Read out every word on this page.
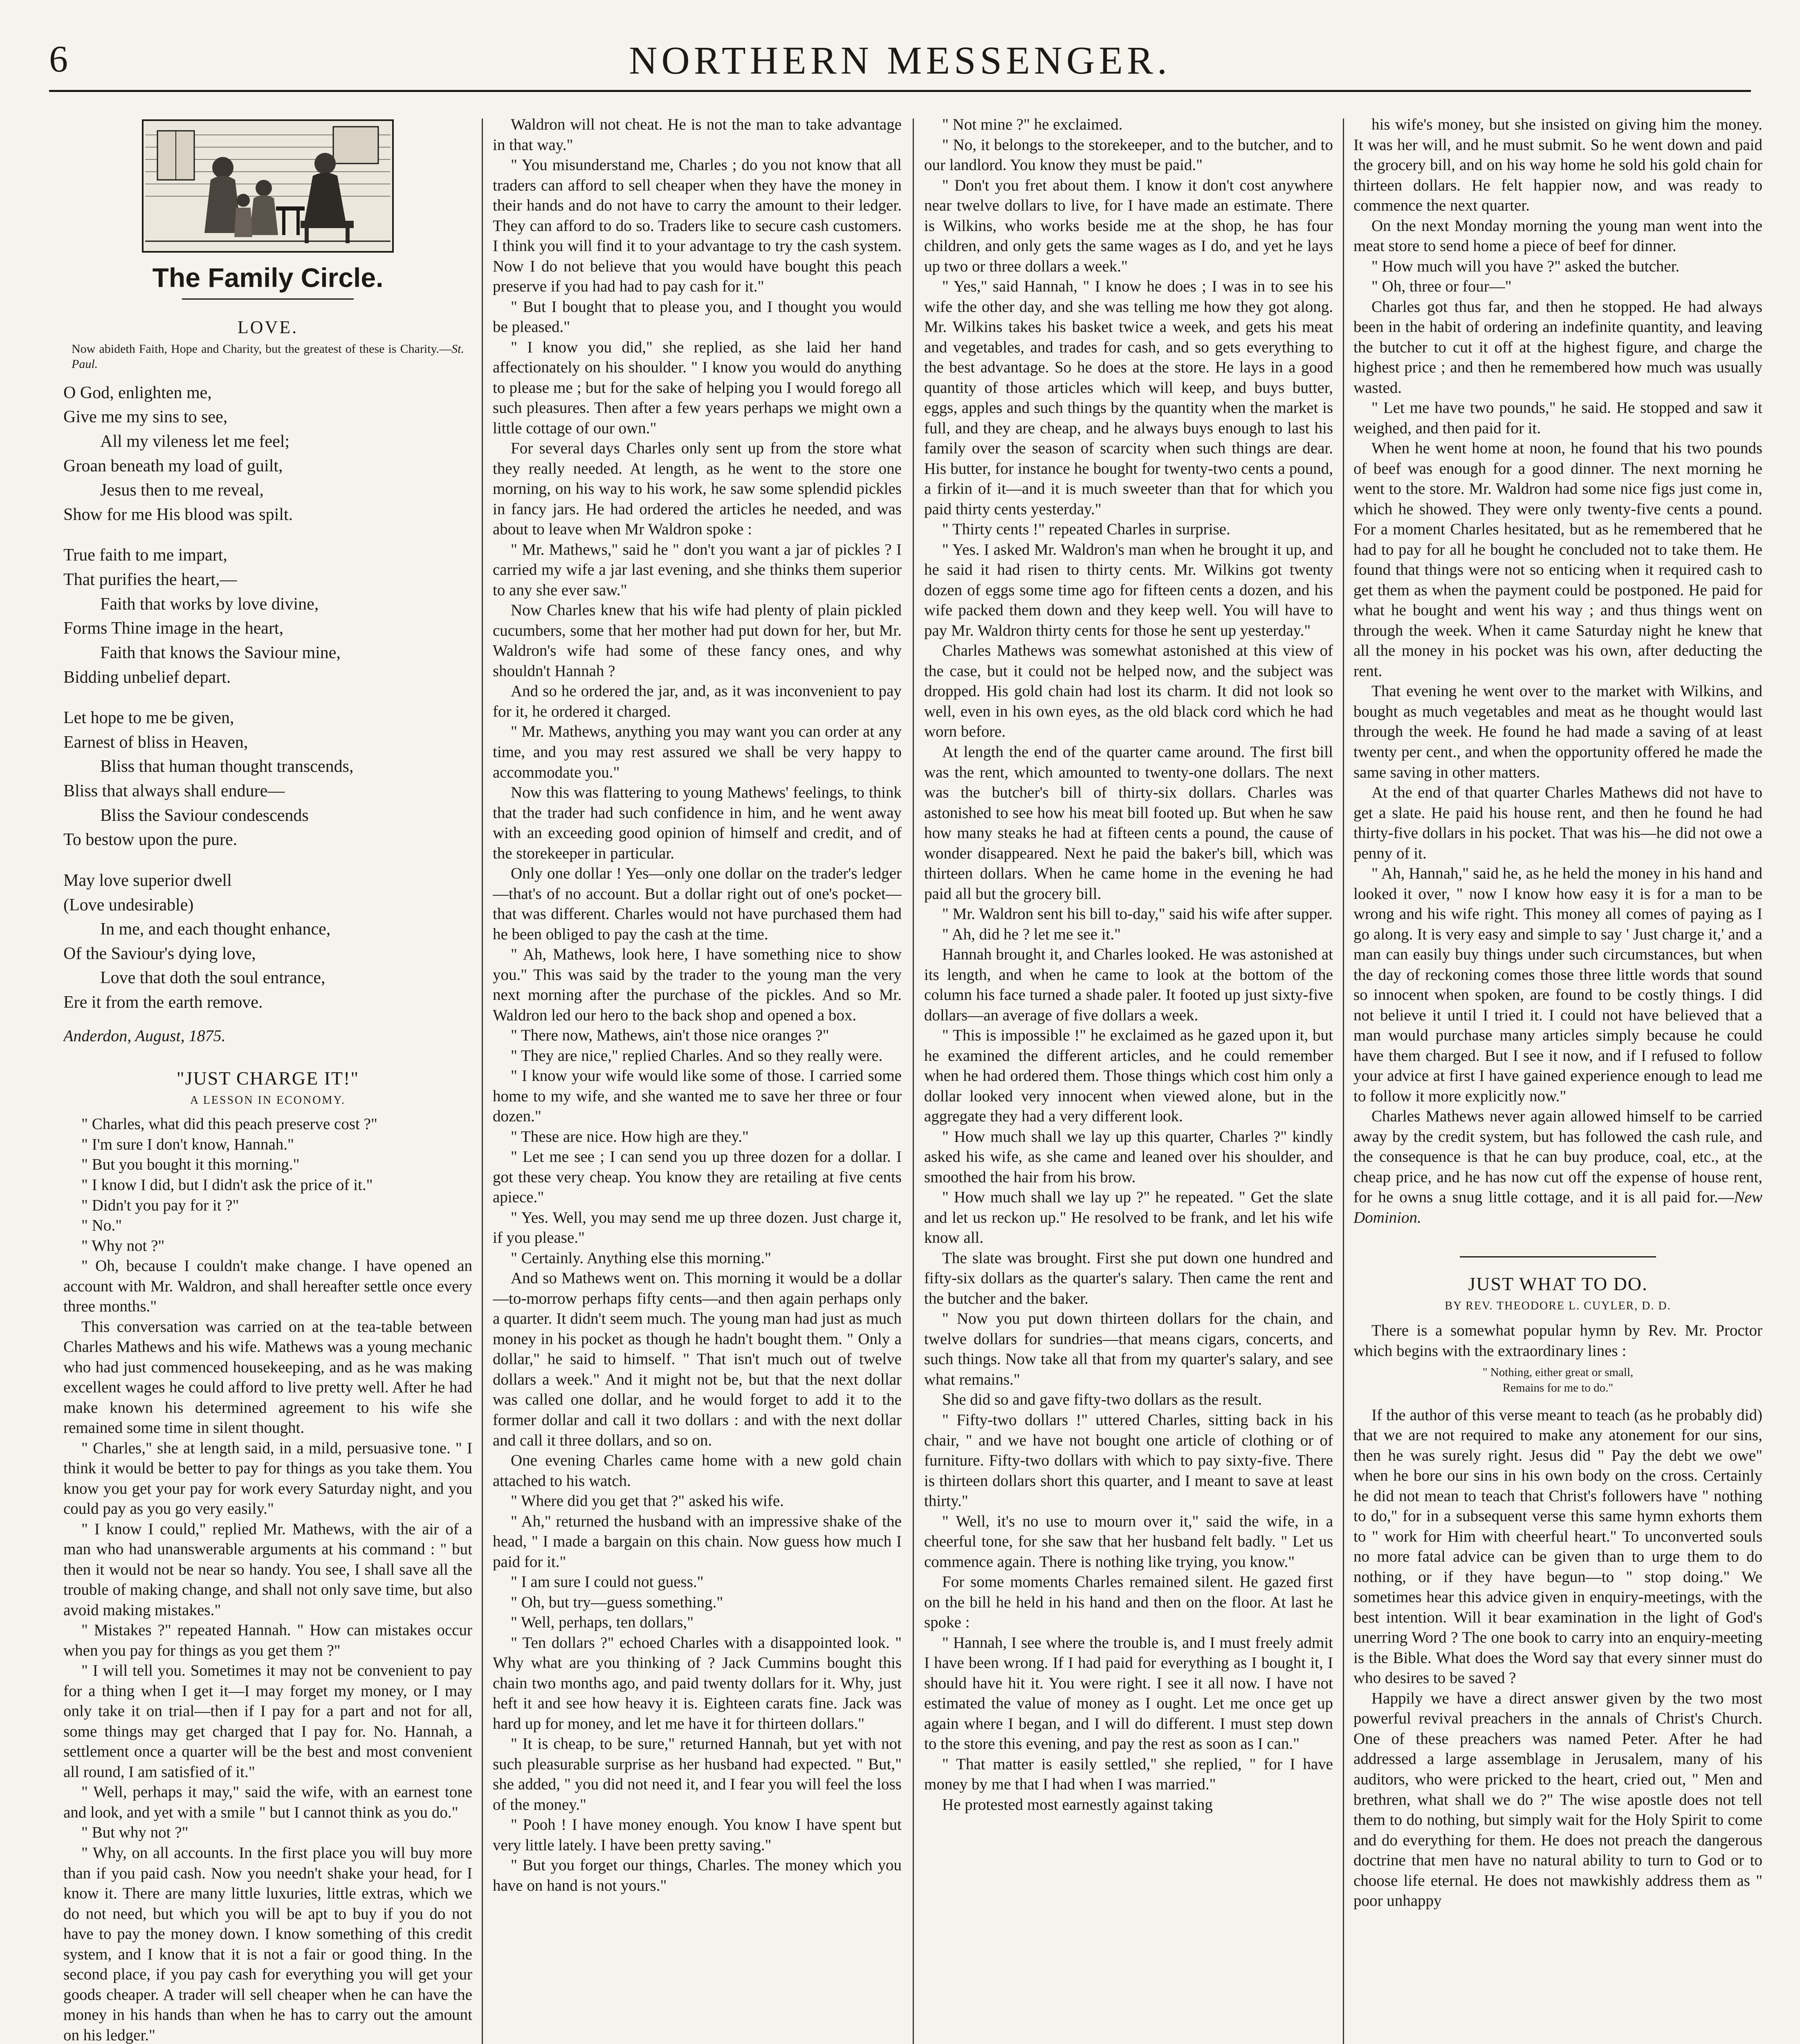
6	NORTHERN MESSENGER.
The Family Circle.
LOVE.
Now abideth Faith, Hope and Charity, but the greatest of these is Charity.—St. Paul.
O God, enlighten me,
Give me my sins to see,
All my vileness let me feel;
Groan beneath my load of guilt,
Jesus then to me reveal,
Show for me His blood was spilt.
True faith to me impart,
That purifies the heart,—
Faith that works by love divine,
Forms Thine image in the heart,
Faith that knows the Saviour mine,
Bidding unbelief depart.
Let hope to me be given,
Earnest of bliss in Heaven,
Bliss that human thought transcends,
Bliss that always shall endure—
Bliss the Saviour condescends
To bestow upon the pure.
May love superior dwell
(Love undesirable)
In me, and each thought enhance,
Of the Saviour's dying love,
Love that doth the soul entrance,
Ere it from the earth remove.
Anderdon, August, 1875.
"JUST CHARGE IT!"
A LESSON IN ECONOMY.

" Charles, what did this peach preserve cost ?"

" I'm sure I don't know, Hannah."

" But you bought it this morning."

" I know I did, but I didn't ask the price of it."

" Didn't you pay for it ?"

" No."

" Why not ?"

" Oh, because I couldn't make change. I have opened an account with Mr. Waldron, and shall hereafter settle once every three months."

This conversation was carried on at the tea-table between Charles Mathews and his wife. Mathews was a young mechanic who had just commenced housekeeping, and as he was making excellent wages he could afford to live pretty well. After he had make known his determined agreement to his wife she remained some time in silent thought.

" Charles," she at length said, in a mild, persuasive tone. " I think it would be better to pay for things as you take them. You know you get your pay for work every Saturday night, and you could pay as you go very easily."

" I know I could," replied Mr. Mathews, with the air of a man who had unanswerable arguments at his command : " but then it would not be near so handy. You see, I shall save all the trouble of making change, and shall not only save time, but also avoid making mistakes."

" Mistakes ?" repeated Hannah. " How can mistakes occur when you pay for things as you get them ?"

" I will tell you. Sometimes it may not be convenient to pay for a thing when I get it—I may forget my money, or I may only take it on trial—then if I pay for a part and not for all, some things may get charged that I pay for. No. Hannah, a settlement once a quarter will be the best and most convenient all round, I am satisfied of it."

" Well, perhaps it may," said the wife, with an earnest tone and look, and yet with a smile " but I cannot think as you do."

" But why not ?"

" Why, on all accounts. In the first place you will buy more than if you paid cash. Now you needn't shake your head, for I know it. There are many little luxuries, little extras, which we do not need, but which you will be apt to buy if you do not have to pay the money down. I know something of this credit system, and I know that it is not a fair or good thing. In the second place, if you pay cash for everything you will get your goods cheaper. A trader will sell cheaper when he can have the money in his hands than when he has to carry out the amount on his ledger."

Waldron will not cheat. He is not the man to take advantage in that way."

" You misunderstand me, Charles ; do you not know that all traders can afford to sell cheaper when they have the money in their hands and do not have to carry the amount to their ledger. They can afford to do so. Traders like to secure cash customers. I think you will find it to your advantage to try the cash system. Now I do not believe that you would have bought this peach preserve if you had had to pay cash for it."

" But I bought that to please you, and I thought you would be pleased."

" I know you did," she replied, as she laid her hand affectionately on his shoulder. " I know you would do anything to please me ; but for the sake of helping you I would forego all such pleasures. Then after a few years perhaps we might own a little cottage of our own."

For several days Charles only sent up from the store what they really needed. At length, as he went to the store one morning, on his way to his work, he saw some splendid pickles in fancy jars. He had ordered the articles he needed, and was about to leave when Mr Waldron spoke :

" Mr. Mathews," said he " don't you want a jar of pickles ? I carried my wife a jar last evening, and she thinks them superior to any she ever saw."

Now Charles knew that his wife had plenty of plain pickled cucumbers, some that her mother had put down for her, but Mr. Waldron's wife had some of these fancy ones, and why shouldn't Hannah ?

And so he ordered the jar, and, as it was inconvenient to pay for it, he ordered it charged.

" Mr. Mathews, anything you may want you can order at any time, and you may rest assured we shall be very happy to accommodate you."

Now this was flattering to young Mathews' feelings, to think that the trader had such confidence in him, and he went away with an exceeding good opinion of himself and credit, and of the storekeeper in particular.

Only one dollar ! Yes—only one dollar on the trader's ledger—that's of no account. But a dollar right out of one's pocket—that was different. Charles would not have purchased them had he been obliged to pay the cash at the time.

" Ah, Mathews, look here, I have something nice to show you." This was said by the trader to the young man the very next morning after the purchase of the pickles. And so Mr. Waldron led our hero to the back shop and opened a box.

" There now, Mathews, ain't those nice oranges ?"

" They are nice," replied Charles. And so they really were.

" I know your wife would like some of those. I carried some home to my wife, and she wanted me to save her three or four dozen."

" These are nice. How high are they."

" Let me see ; I can send you up three dozen for a dollar. I got these very cheap. You know they are retailing at five cents apiece."

" Yes. Well, you may send me up three dozen. Just charge it, if you please."

" Certainly. Anything else this morning."

And so Mathews went on. This morning it would be a dollar—to-morrow perhaps fifty cents—and then again perhaps only a quarter. It didn't seem much. The young man had just as much money in his pocket as though he hadn't bought them. " Only a dollar," he said to himself. " That isn't much out of twelve dollars a week." And it might not be, but that the next dollar was called one dollar, and he would forget to add it to the former dollar and call it two dollars : and with the next dollar and call it three dollars, and so on.

One evening Charles came home with a new gold chain attached to his watch.

" Where did you get that ?" asked his wife.

" Ah," returned the husband with an impressive shake of the head, " I made a bargain on this chain. Now guess how much I paid for it."

" I am sure I could not guess."

" Oh, but try—guess something."

" Well, perhaps, ten dollars,"

" Ten dollars ?" echoed Charles with a disappointed look. " Why what are you thinking of ? Jack Cummins bought this chain two months ago, and paid twenty dollars for it. Why, just heft it and see how heavy it is. Eighteen carats fine. Jack was hard up for money, and let me have it for thirteen dollars."

" It is cheap, to be sure," returned Hannah, but yet with not such pleasurable surprise as her husband had expected. " But," she added, " you did not need it, and I fear you will feel the loss of the money."

" Pooh ! I have money enough. You know I have spent but very little lately. I have been pretty saving."

" But you forget our things, Charles. The money which you have on hand is not yours."

" Not mine ?" he exclaimed.

" No, it belongs to the storekeeper, and to the butcher, and to our landlord. You know they must be paid."

" Don't you fret about them. I know it don't cost anywhere near twelve dollars to live, for I have made an estimate. There is Wilkins, who works beside me at the shop, he has four children, and only gets the same wages as I do, and yet he lays up two or three dollars a week."

" Yes," said Hannah, " I know he does ; I was in to see his wife the other day, and she was telling me how they got along. Mr. Wilkins takes his basket twice a week, and gets his meat and vegetables, and trades for cash, and so gets everything to the best advantage. So he does at the store. He lays in a good quantity of those articles which will keep, and buys butter, eggs, apples and such things by the quantity when the market is full, and they are cheap, and he always buys enough to last his family over the season of scarcity when such things are dear. His butter, for instance he bought for twenty-two cents a pound, a firkin of it—and it is much sweeter than that for which you paid thirty cents yesterday."

" Thirty cents !" repeated Charles in surprise.

" Yes. I asked Mr. Waldron's man when he brought it up, and he said it had risen to thirty cents. Mr. Wilkins got twenty dozen of eggs some time ago for fifteen cents a dozen, and his wife packed them down and they keep well. You will have to pay Mr. Waldron thirty cents for those he sent up yesterday."

Charles Mathews was somewhat astonished at this view of the case, but it could not be helped now, and the subject was dropped. His gold chain had lost its charm. It did not look so well, even in his own eyes, as the old black cord which he had worn before.

At length the end of the quarter came around. The first bill was the rent, which amounted to twenty-one dollars. The next was the butcher's bill of thirty-six dollars. Charles was astonished to see how his meat bill footed up. But when he saw how many steaks he had at fifteen cents a pound, the cause of wonder disappeared. Next he paid the baker's bill, which was thirteen dollars. When he came home in the evening he had paid all but the grocery bill.

" Mr. Waldron sent his bill to-day," said his wife after supper.

" Ah, did he ? let me see it."

Hannah brought it, and Charles looked. He was astonished at its length, and when he came to look at the bottom of the column his face turned a shade paler. It footed up just sixty-five dollars—an average of five dollars a week.

" This is impossible !" he exclaimed as he gazed upon it, but he examined the different articles, and he could remember when he had ordered them. Those things which cost him only a dollar looked very innocent when viewed alone, but in the aggregate they had a very different look.

" How much shall we lay up this quarter, Charles ?" kindly asked his wife, as she came and leaned over his shoulder, and smoothed the hair from his brow.

" How much shall we lay up ?" he repeated. " Get the slate and let us reckon up." He resolved to be frank, and let his wife know all.

The slate was brought. First she put down one hundred and fifty-six dollars as the quarter's salary. Then came the rent and the butcher and the baker.

" Now you put down thirteen dollars for the chain, and twelve dollars for sundries—that means cigars, concerts, and such things. Now take all that from my quarter's salary, and see what remains."

She did so and gave fifty-two dollars as the result.

" Fifty-two dollars !" uttered Charles, sitting back in his chair, " and we have not bought one article of clothing or of furniture. Fifty-two dollars with which to pay sixty-five. There is thirteen dollars short this quarter, and I meant to save at least thirty."

" Well, it's no use to mourn over it," said the wife, in a cheerful tone, for she saw that her husband felt badly. " Let us commence again. There is nothing like trying, you know."

For some moments Charles remained silent. He gazed first on the bill he held in his hand and then on the floor. At last he spoke :

" Hannah, I see where the trouble is, and I must freely admit I have been wrong. If I had paid for everything as I bought it, I should have hit it. You were right. I see it all now. I have not estimated the value of money as I ought. Let me once get up again where I began, and I will do different. I must step down to the store this evening, and pay the rest as soon as I can."

" That matter is easily settled," she replied, " for I have money by me that I had when I was married."

He protested most earnestly against taking

his wife's money, but she insisted on giving him the money. It was her will, and he must submit. So he went down and paid the grocery bill, and on his way home he sold his gold chain for thirteen dollars. He felt happier now, and was ready to commence the next quarter.

On the next Monday morning the young man went into the meat store to send home a piece of beef for dinner.

" How much will you have ?" asked the butcher.

" Oh, three or four—"

Charles got thus far, and then he stopped. He had always been in the habit of ordering an indefinite quantity, and leaving the butcher to cut it off at the highest figure, and charge the highest price ; and then he remembered how much was usually wasted.

" Let me have two pounds," he said. He stopped and saw it weighed, and then paid for it.

When he went home at noon, he found that his two pounds of beef was enough for a good dinner. The next morning he went to the store. Mr. Waldron had some nice figs just come in, which he showed. They were only twenty-five cents a pound. For a moment Charles hesitated, but as he remembered that he had to pay for all he bought he concluded not to take them. He found that things were not so enticing when it required cash to get them as when the payment could be postponed. He paid for what he bought and went his way ; and thus things went on through the week. When it came Saturday night he knew that all the money in his pocket was his own, after deducting the rent.

That evening he went over to the market with Wilkins, and bought as much vegetables and meat as he thought would last through the week. He found he had made a saving of at least twenty per cent., and when the opportunity offered he made the same saving in other matters.

At the end of that quarter Charles Mathews did not have to get a slate. He paid his house rent, and then he found he had thirty-five dollars in his pocket. That was his—he did not owe a penny of it.

" Ah, Hannah," said he, as he held the money in his hand and looked it over, " now I know how easy it is for a man to be wrong and his wife right. This money all comes of paying as I go along. It is very easy and simple to say ' Just charge it,' and a man can easily buy things under such circumstances, but when the day of reckoning comes those three little words that sound so innocent when spoken, are found to be costly things. I did not believe it until I tried it. I could not have believed that a man would purchase many articles simply because he could have them charged. But I see it now, and if I refused to follow your advice at first I have gained experience enough to lead me to follow it more explicitly now."

Charles Mathews never again allowed himself to be carried away by the credit system, but has followed the cash rule, and the consequence is that he can buy produce, coal, etc., at the cheap price, and he has now cut off the expense of house rent, for he owns a snug little cottage, and it is all paid for.—New Dominion.

JUST WHAT TO DO.
BY REV. THEODORE L. CUYLER, D. D.

There is a somewhat popular hymn by Rev. Mr. Proctor which begins with the extraordinary lines :

" Nothing, either great or small,
Remains for me to do."

If the author of this verse meant to teach (as he probably did) that we are not required to make any atonement for our sins, then he was surely right. Jesus did " Pay the debt we owe" when he bore our sins in his own body on the cross. Certainly he did not mean to teach that Christ's followers have " nothing to do," for in a subsequent verse this same hymn exhorts them to " work for Him with cheerful heart." To unconverted souls no more fatal advice can be given than to urge them to do nothing, or if they have begun—to " stop doing." We sometimes hear this advice given in enquiry-meetings, with the best intention. Will it bear examination in the light of God's unerring Word ? The one book to carry into an enquiry-meeting is the Bible. What does the Word say that every sinner must do who desires to be saved ?

Happily we have a direct answer given by the two most powerful revival preachers in the annals of Christ's Church. One of these preachers was named Peter. After he had addressed a large assemblage in Jerusalem, many of his auditors, who were pricked to the heart, cried out, " Men and brethren, what shall we do ?" The wise apostle does not tell them to do nothing, but simply wait for the Holy Spirit to come and do everything for them. He does not preach the dangerous doctrine that men have no natural ability to turn to God or to choose life eternal. He does not mawkishly address them as " poor unhappy
